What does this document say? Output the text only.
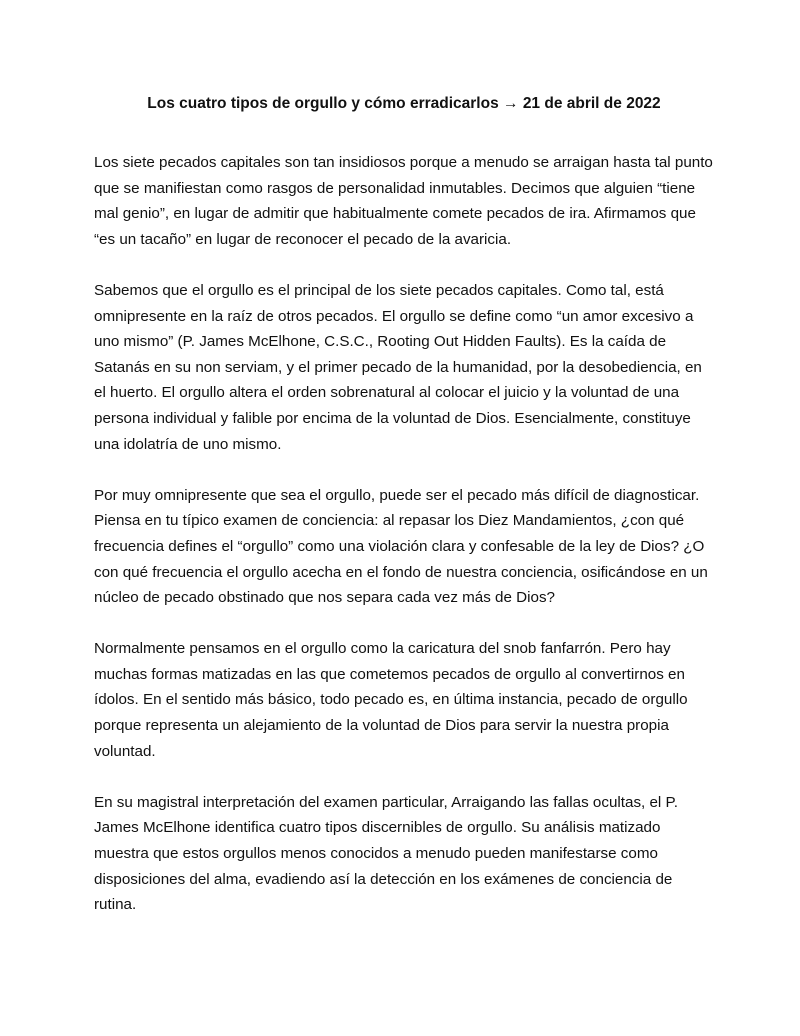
Los cuatro tipos de orgullo y cómo erradicarlos → 21 de abril de 2022

Los siete pecados capitales son tan insidiosos porque a menudo se arraigan hasta tal punto que se manifiestan como rasgos de personalidad inmutables. Decimos que alguien “tiene mal genio”, en lugar de admitir que habitualmente comete pecados de ira. Afirmamos que “es un tacaño” en lugar de reconocer el pecado de la avaricia.

Sabemos que el orgullo es el principal de los siete pecados capitales. Como tal, está omnipresente en la raíz de otros pecados. El orgullo se define como “un amor excesivo a uno mismo” (P. James McElhone, C.S.C., Rooting Out Hidden Faults). Es la caída de Satanás en su non serviam, y el primer pecado de la humanidad, por la desobediencia, en el huerto. El orgullo altera el orden sobrenatural al colocar el juicio y la voluntad de una persona individual y falible por encima de la voluntad de Dios. Esencialmente, constituye una idolatría de uno mismo.

Por muy omnipresente que sea el orgullo, puede ser el pecado más difícil de diagnosticar. Piensa en tu típico examen de conciencia: al repasar los Diez Mandamientos, ¿con qué frecuencia defines el “orgullo” como una violación clara y confesable de la ley de Dios? ¿O con qué frecuencia el orgullo acecha en el fondo de nuestra conciencia, osificándose en un núcleo de pecado obstinado que nos separa cada vez más de Dios?

Normalmente pensamos en el orgullo como la caricatura del snob fanfarrón. Pero hay muchas formas matizadas en las que cometemos pecados de orgullo al convertirnos en ídolos. En el sentido más básico, todo pecado es, en última instancia, pecado de orgullo porque representa un alejamiento de la voluntad de Dios para servir la nuestra propia voluntad.

En su magistral interpretación del examen particular, Arraigando las fallas ocultas, el P. James McElhone identifica cuatro tipos discernibles de orgullo. Su análisis matizado muestra que estos orgullos menos conocidos a menudo pueden manifestarse como disposiciones del alma, evadiendo así la detección en los exámenes de conciencia de rutina.
